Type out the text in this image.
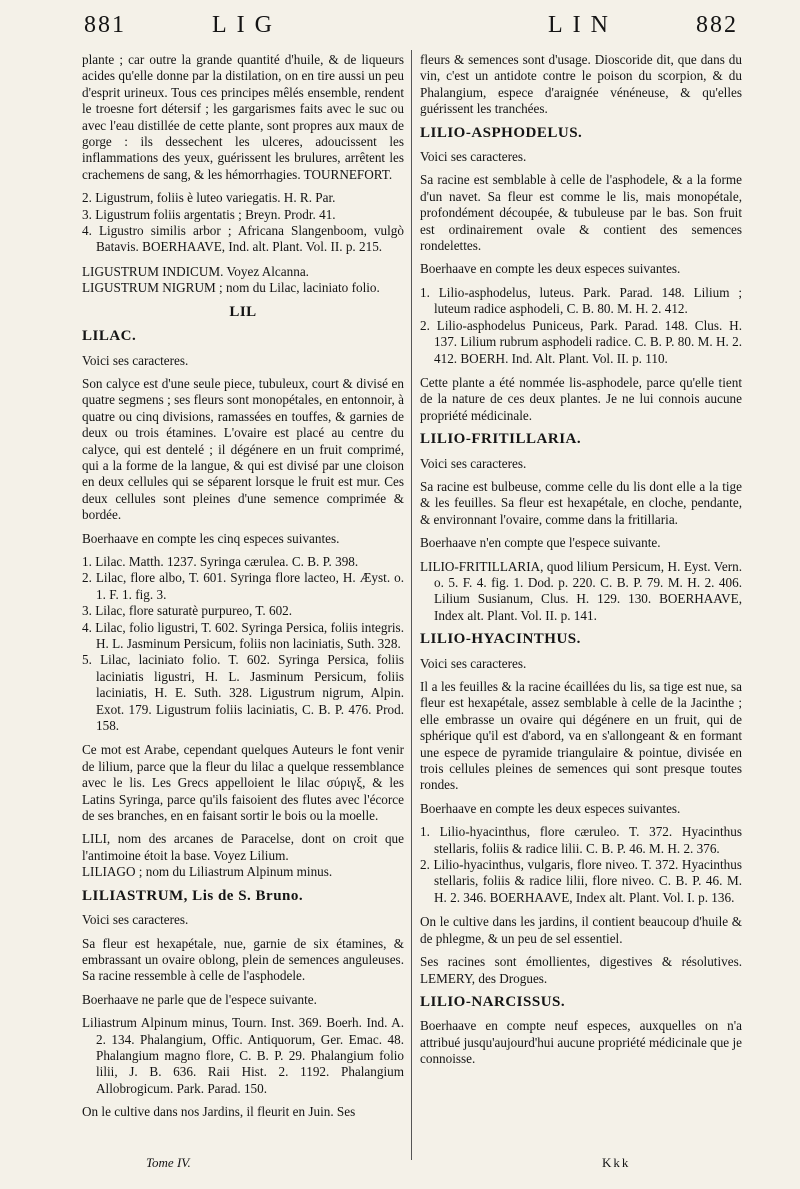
881	LIG	LIN	882

plante ; car outre la grande quantité d'huile, & de liqueurs acides qu'elle donne par la distilation, on en tire aussi un peu d'esprit urineux. Tous ces principes mêlés ensemble, rendent le troesne fort détersif ; les gargarismes faits avec le suc ou avec l'eau distillée de cette plante, sont propres aux maux de gorge : ils dessechent les ulceres, adoucissent les inflammations des yeux, guérissent les brulures, arrêtent les crachemens de sang, & les hémorrhagies. TOURNEFORT.

2. Ligustrum, foliis è luteo variegatis. H. R. Par.

3. Ligustrum foliis argentatis ; Breyn. Prodr. 41.

4. Ligustro similis arbor ; Africana Slangenboom, vulgò Batavis. BOERHAAVE, Ind. alt. Plant. Vol. II. p. 215.

LIGUSTRUM INDICUM. Voyez Alcanna.

LIGUSTRUM NIGRUM ; nom du Lilac, laciniato folio.

LIL
LILAC.

Voici ses caracteres.

Son calyce est d'une seule piece, tubuleux, court & divisé en quatre segmens ; ses fleurs sont monopétales, en entonnoir, à quatre ou cinq divisions, ramassées en touffes, & garnies de deux ou trois étamines. L'ovaire est placé au centre du calyce, qui est dentelé ; il dégénere en un fruit comprimé, qui a la forme de la langue, & qui est divisé par une cloison en deux cellules qui se séparent lorsque le fruit est mur. Ces deux cellules sont pleines d'une semence comprimée & bordée.

Boerhaave en compte les cinq especes suivantes.

1. Lilac. Matth. 1237. Syringa cærulea. C. B. P. 398.

2. Lilac, flore albo, T. 601. Syringa flore lacteo, H. Æyst. o. 1. F. 1. fig. 3.

3. Lilac, flore saturatè purpureo, T. 602.

4. Lilac, folio ligustri, T. 602. Syringa Persica, foliis integris. H. L. Jasminum Persicum, foliis non laciniatis, Suth. 328.

5. Lilac, laciniato folio. T. 602. Syringa Persica, foliis laciniatis ligustri, H. L. Jasminum Persicum, foliis laciniatis, H. E. Suth. 328. Ligustrum nigrum, Alpin. Exot. 179. Ligustrum foliis laciniatis, C. B. P. 476. Prod. 158.

Ce mot est Arabe, cependant quelques Auteurs le font venir de lilium, parce que la fleur du lilac a quelque ressemblance avec le lis. Les Grecs appelloient le lilac σύριγξ, & les Latins Syringa, parce qu'ils faisoient des flutes avec l'écorce de ses branches, en en faisant sortir le bois ou la moelle.

LILI, nom des arcanes de Paracelse, dont on croit que l'antimoine étoit la base. Voyez Lilium.

LILIAGO ; nom du Liliastrum Alpinum minus.

LILIASTRUM, Lis de S. Bruno.

Voici ses caracteres.

Sa fleur est hexapétale, nue, garnie de six étamines, & embrassant un ovaire oblong, plein de semences anguleuses. Sa racine ressemble à celle de l'asphodele.

Boerhaave ne parle que de l'espece suivante.

Liliastrum Alpinum minus, Tourn. Inst. 369. Boerh. Ind. A. 2. 134. Phalangium, Offic. Antiquorum, Ger. Emac. 48. Phalangium magno flore, C. B. P. 29. Phalangium folio lilii, J. B. 636. Raii Hist. 2. 1192. Phalangium Allobrogicum. Park. Parad. 150.

On le cultive dans nos Jardins, il fleurit en Juin. Ses

fleurs & semences sont d'usage. Dioscoride dit, que dans du vin, c'est un antidote contre le poison du scorpion, & du Phalangium, espece d'araignée vénéneuse, & qu'elles guérissent les tranchées.

LILIO-ASPHODELUS.

Voici ses caracteres.

Sa racine est semblable à celle de l'asphodele, & a la forme d'un navet. Sa fleur est comme le lis, mais monopétale, profondément découpée, & tubuleuse par le bas. Son fruit est ordinairement ovale & contient des semences rondelettes.

Boerhaave en compte les deux especes suivantes.

1. Lilio-asphodelus, luteus. Park. Parad. 148. Lilium ; luteum radice asphodeli, C. B. 80. M. H. 2. 412.

2. Lilio-asphodelus Puniceus, Park. Parad. 148. Clus. H. 137. Lilium rubrum asphodeli radice. C. B. P. 80. M. H. 2. 412. BOERH. Ind. Alt. Plant. Vol. II. p. 110.

Cette plante a été nommée lis-asphodele, parce qu'elle tient de la nature de ces deux plantes. Je ne lui connois aucune propriété médicinale.

LILIO-FRITILLARIA.

Voici ses caracteres.

Sa racine est bulbeuse, comme celle du lis dont elle a la tige & les feuilles. Sa fleur est hexapétale, en cloche, pendante, & environnant l'ovaire, comme dans la fritillaria.

Boerhaave n'en compte que l'espece suivante.

LILIO-FRITILLARIA, quod lilium Persicum, H. Eyst. Vern. o. 5. F. 4. fig. 1. Dod. p. 220. C. B. P. 79. M. H. 2. 406. Lilium Susianum, Clus. H. 129. 130. BOERHAAVE, Index alt. Plant. Vol. II. p. 141.

LILIO-HYACINTHUS.

Voici ses caracteres.

Il a les feuilles & la racine écaillées du lis, sa tige est nue, sa fleur est hexapétale, assez semblable à celle de la Jacinthe ; elle embrasse un ovaire qui dégénere en un fruit, qui de sphérique qu'il est d'abord, va en s'allongeant & en formant une espece de pyramide triangulaire & pointue, divisée en trois cellules pleines de semences qui sont presque toutes rondes.

Boerhaave en compte les deux especes suivantes.

1. Lilio-hyacinthus, flore cæruleo. T. 372. Hyacinthus stellaris, foliis & radice lilii. C. B. P. 46. M. H. 2. 376.

2. Lilio-hyacinthus, vulgaris, flore niveo. T. 372. Hyacinthus stellaris, foliis & radice lilii, flore niveo. C. B. P. 46. M. H. 2. 346. BOERHAAVE, Index alt. Plant. Vol. I. p. 136.

On le cultive dans les jardins, il contient beaucoup d'huile & de phlegme, & un peu de sel essentiel.

Ses racines sont émollientes, digestives & résolutives. LEMERY, des Drogues.

LILIO-NARCISSUS.

Boerhaave en compte neuf especes, auxquelles on n'a attribué jusqu'aujourd'hui aucune propriété médicinale que je connoisse.

Tome IV.	Kkk
